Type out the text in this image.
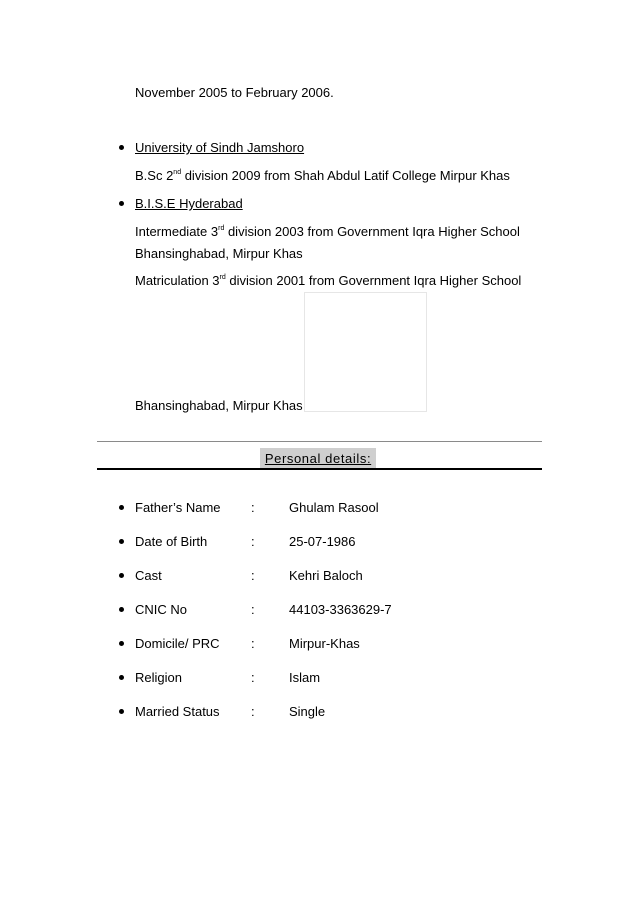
November 2005 to February 2006.
University of Sindh Jamshoro
B.Sc 2nd division 2009 from Shah Abdul Latif College Mirpur Khas
B.I.S.E Hyderabad
Intermediate 3rd division 2003 from Government Iqra Higher School
Bhansinghabad, Mirpur Khas
Matriculation 3rd division 2001 from Government Iqra Higher School
Bhansinghabad, Mirpur Khas
Personal details:
Father’s Name :	Ghulam Rasool
Date of Birth	:	25-07-1986
Cast	:	Kehri Baloch
CNIC No	:	44103-3363629-7
Domicile/ PRC :	Mirpur-Khas
Religion	:	Islam
Married Status :	Single
